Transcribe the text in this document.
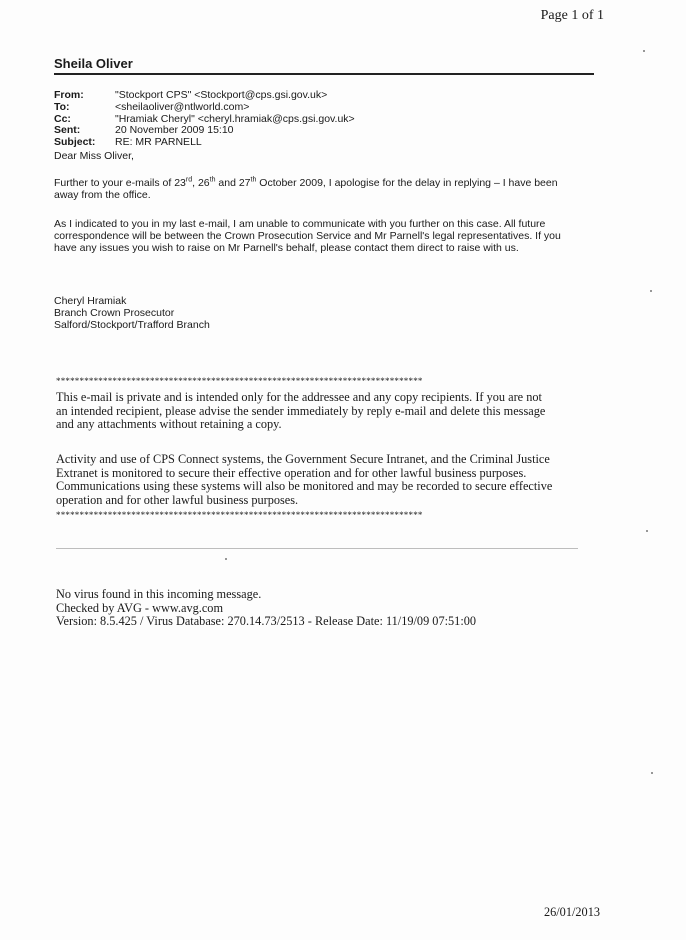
Page 1 of 1
Sheila Oliver
From:	"Stockport CPS" <Stockport@cps.gsi.gov.uk>
To:	<sheilaoliver@ntlworld.com>
Cc:	"Hramiak Cheryl" <cheryl.hramiak@cps.gsi.gov.uk>
Sent:	20 November 2009 15:10
Subject:	RE: MR PARNELL
Dear Miss Oliver,

Further to your e-mails of 23rd, 26th and 27th October 2009, I apologise for the delay in replying – I have been away from the office.

As I indicated to you in my last e-mail, I am unable to communicate with you further on this case. All future correspondence will be between the Crown Prosecution Service and Mr Parnell's legal representatives. If you have any issues you wish to raise on Mr Parnell's behalf, please contact them direct to raise with us.

Cheryl Hramiak

Branch Crown Prosecutor

Salford/Stockport/Trafford Branch

******************************************************************************

This e-mail is private and is intended only for the addressee and any copy recipients. If you are not an intended recipient, please advise the sender immediately by reply e-mail and delete this message and any attachments without retaining a copy.

Activity and use of CPS Connect systems, the Government Secure Intranet, and the Criminal Justice Extranet is monitored to secure their effective operation and for other lawful business purposes. Communications using these systems will also be monitored and may be recorded to secure effective operation and for other lawful business purposes.

******************************************************************************

No virus found in this incoming message.

Checked by AVG - www.avg.com

Version: 8.5.425 / Virus Database: 270.14.73/2513 - Release Date: 11/19/09 07:51:00

26/01/2013
